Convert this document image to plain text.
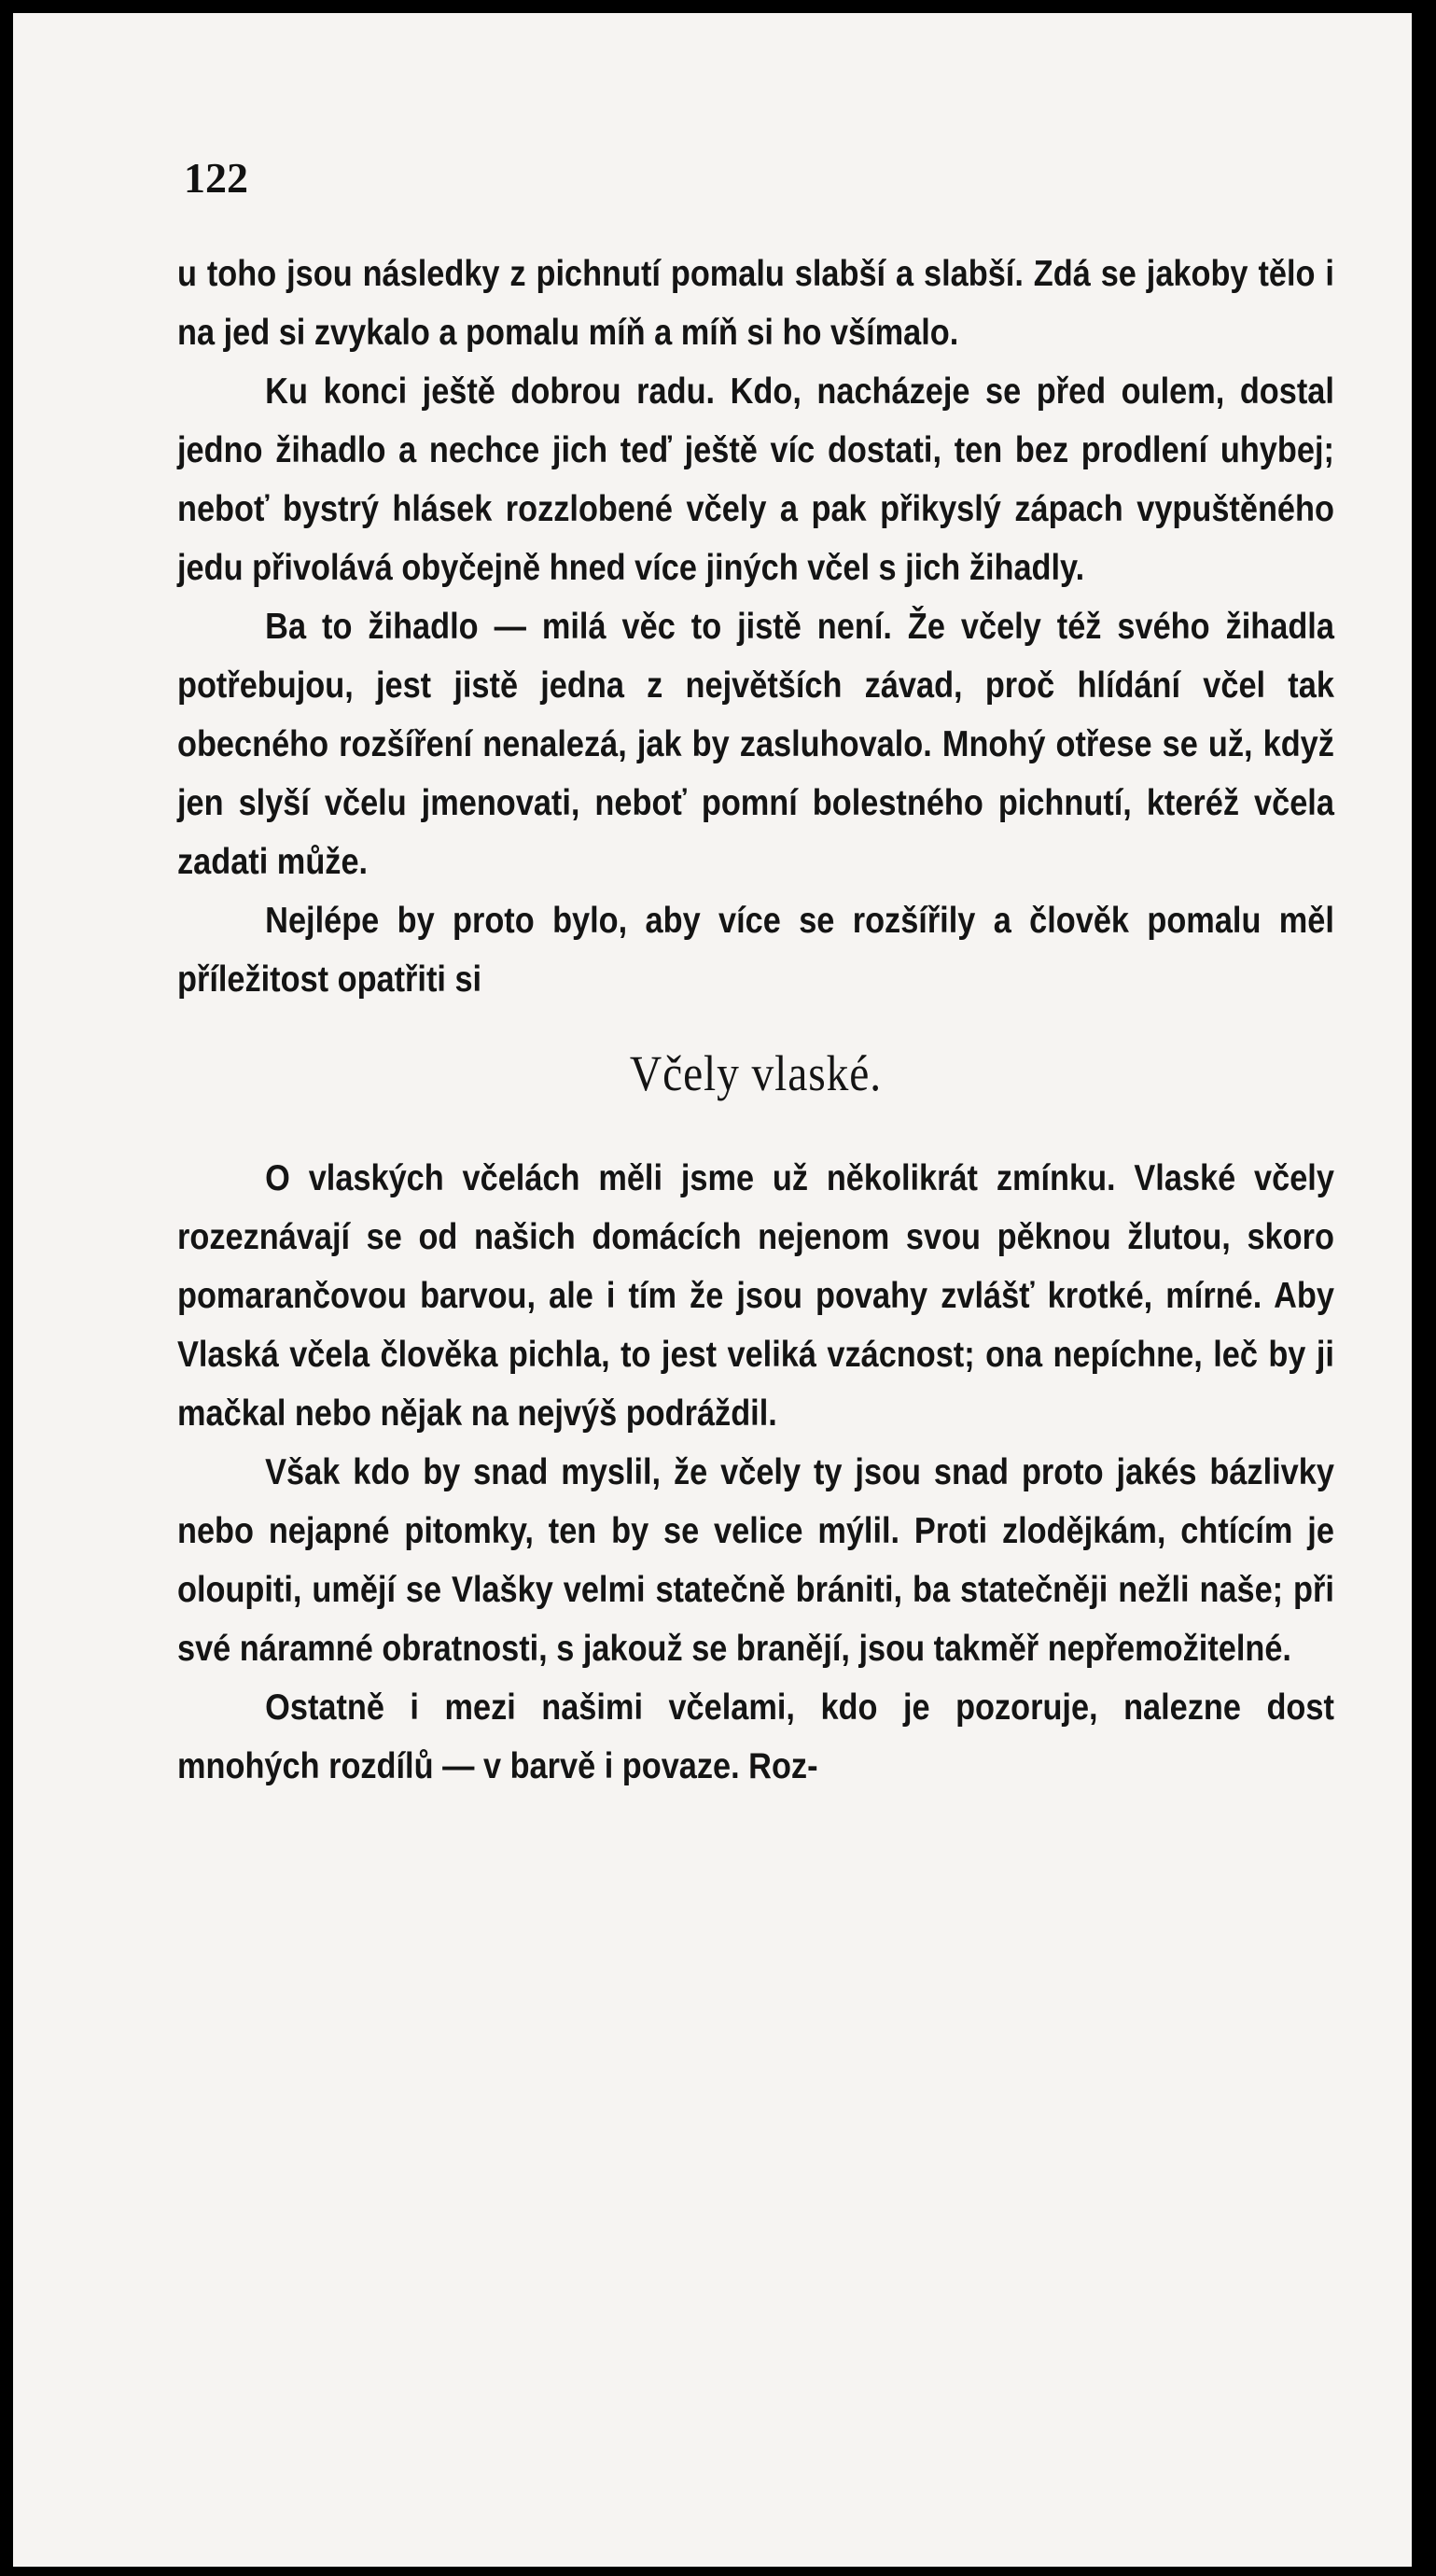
122

u toho jsou následky z pichnutí pomalu slabší a slabší. Zdá se jakoby tělo i na jed si zvykalo a pomalu míň a míň si ho všímalo.

Ku konci ještě dobrou radu. Kdo, nacházeje se před oulem, dostal jedno žihadlo a nechce jich teď ještě víc dostati, ten bez prodlení uhybej; neboť bystrý hlásek rozzlobené včely a pak přikyslý zápach vypuštěného jedu přivolává obyčejně hned více jiných včel s jich žihadly.

Ba to žihadlo — milá věc to jistě není. Že včely též svého žihadla potřebujou, jest jistě jedna z největších závad, proč hlídání včel tak obecného rozšíření nenalezá, jak by zasluhovalo. Mnohý otřese se už, když jen slyší včelu jmenovati, neboť pomní bolestného pichnutí, kteréž včela zadati může.

Nejlépe by proto bylo, aby více se rozšířily a člověk pomalu měl příležitost opatřiti si

Včely vlaské.

O vlaských včelách měli jsme už několikrát zmínku. Vlaské včely rozeznávají se od našich domácích nejenom svou pěknou žlutou, skoro pomarančovou barvou, ale i tím že jsou povahy zvlášť krotké, mírné. Aby Vlaská včela člověka pichla, to jest veliká vzácnost; ona nepíchne, leč by ji mačkal nebo nějak na nejvýš podráždil.

Však kdo by snad myslil, že včely ty jsou snad proto jakés bázlivky nebo nejapné pitomky, ten by se velice mýlil. Proti zlodějkám, chtícím je oloupiti, umějí se Vlašky velmi statečně brániti, ba statečněji nežli naše; při své náramné obratnosti, s jakouž se branějí, jsou takměř nepřemožitelné.

Ostatně i mezi našimi včelami, kdo je pozoruje, nalezne dost mnohých rozdílů — v barvě i povaze. Roz-
